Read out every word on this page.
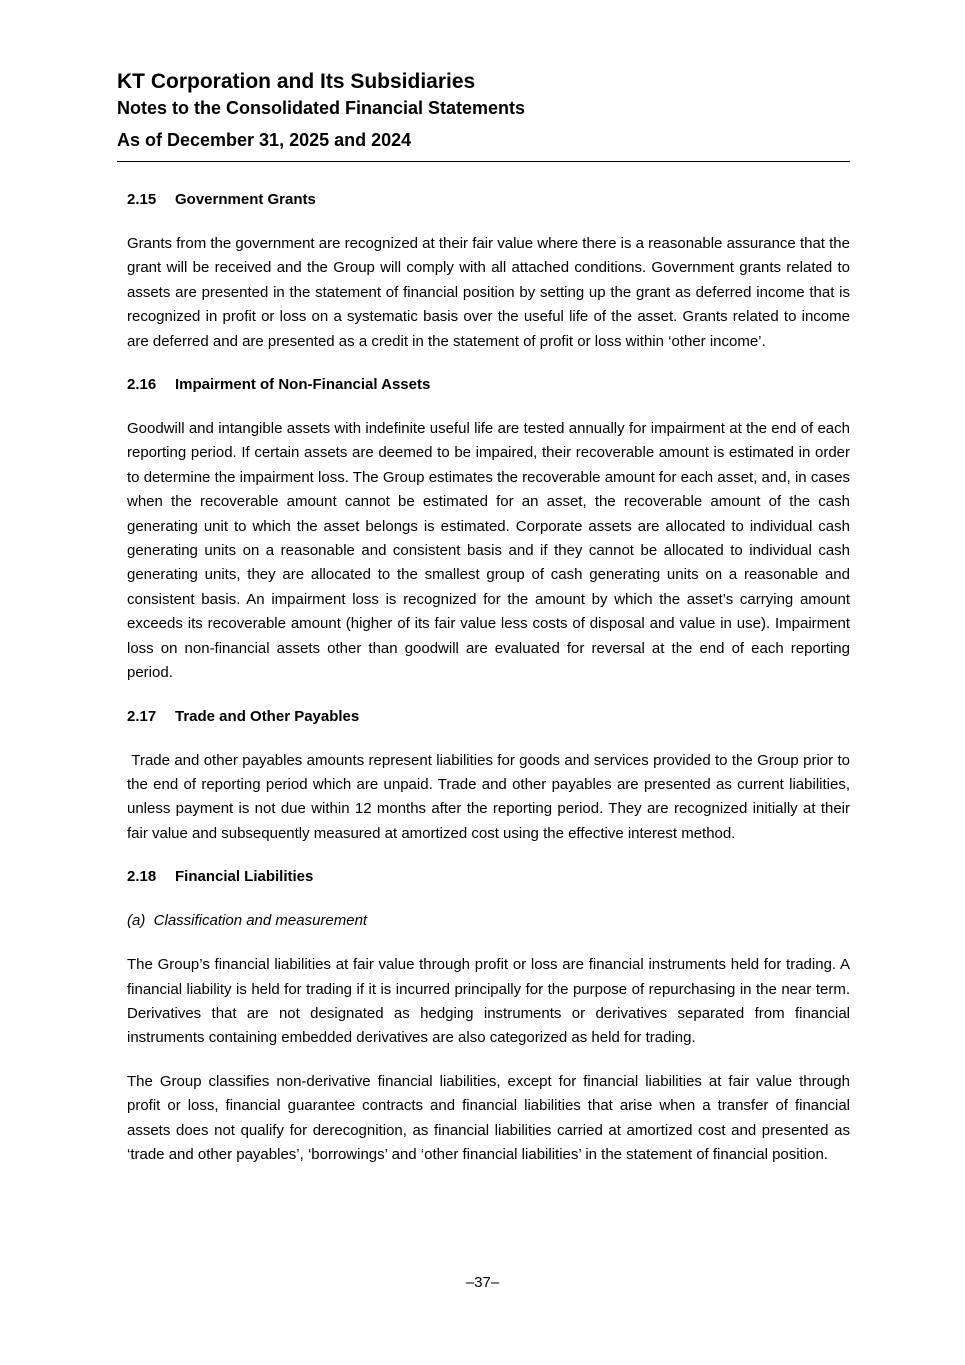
KT Corporation and Its Subsidiaries
Notes to the Consolidated Financial Statements
As of December 31, 2025 and 2024
2.15 Government Grants

Grants from the government are recognized at their fair value where there is a reasonable assurance that the grant will be received and the Group will comply with all attached conditions. Government grants related to assets are presented in the statement of financial position by setting up the grant as deferred income that is recognized in profit or loss on a systematic basis over the useful life of the asset. Grants related to income are deferred and are presented as a credit in the statement of profit or loss within ‘other income’.

2.16 Impairment of Non-Financial Assets

Goodwill and intangible assets with indefinite useful life are tested annually for impairment at the end of each reporting period. If certain assets are deemed to be impaired, their recoverable amount is estimated in order to determine the impairment loss. The Group estimates the recoverable amount for each asset, and, in cases when the recoverable amount cannot be estimated for an asset, the recoverable amount of the cash generating unit to which the asset belongs is estimated. Corporate assets are allocated to individual cash generating units on a reasonable and consistent basis and if they cannot be allocated to individual cash generating units, they are allocated to the smallest group of cash generating units on a reasonable and consistent basis. An impairment loss is recognized for the amount by which the asset’s carrying amount exceeds its recoverable amount (higher of its fair value less costs of disposal and value in use). Impairment loss on non-financial assets other than goodwill are evaluated for reversal at the end of each reporting period.

2.17 Trade and Other Payables

Trade and other payables amounts represent liabilities for goods and services provided to the Group prior to the end of reporting period which are unpaid. Trade and other payables are presented as current liabilities, unless payment is not due within 12 months after the reporting period. They are recognized initially at their fair value and subsequently measured at amortized cost using the effective interest method.

2.18 Financial Liabilities
(a)  Classification and measurement

The Group’s financial liabilities at fair value through profit or loss are financial instruments held for trading. A financial liability is held for trading if it is incurred principally for the purpose of repurchasing in the near term. Derivatives that are not designated as hedging instruments or derivatives separated from financial instruments containing embedded derivatives are also categorized as held for trading.

The Group classifies non-derivative financial liabilities, except for financial liabilities at fair value through profit or loss, financial guarantee contracts and financial liabilities that arise when a transfer of financial assets does not qualify for derecognition, as financial liabilities carried at amortized cost and presented as ‘trade and other payables’, ‘borrowings’ and ‘other financial liabilities’ in the statement of financial position.

–37–
